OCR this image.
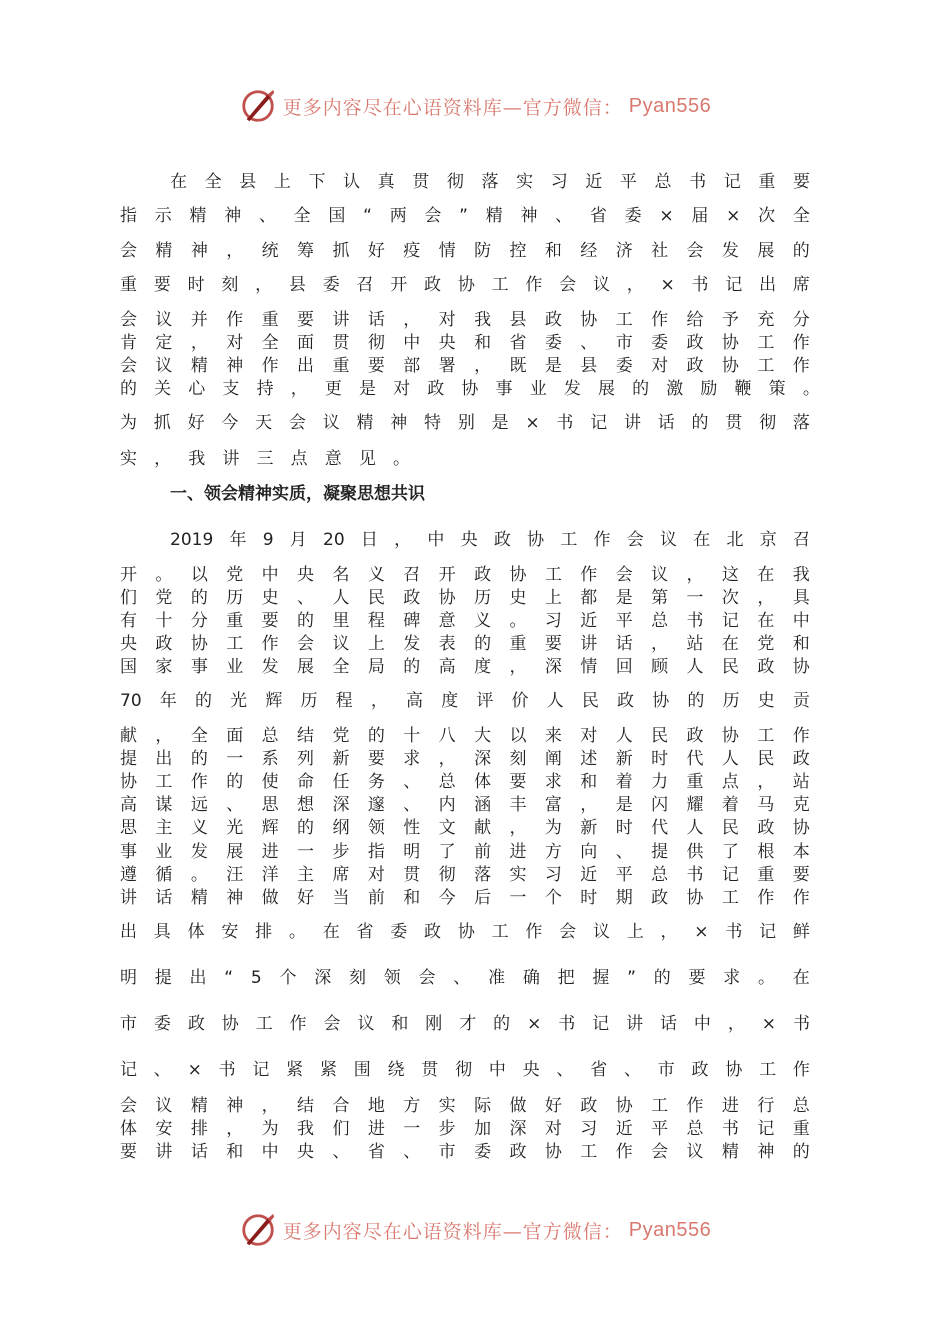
更多内容尽在心语资料库—官方微信： Pyan556
在 全 县 上 下 认 真 贯 彻 落 实 习 近 平 总 书 记 重 要
指 示 精 神 、 全 国 “ 两 会 ” 精 神 、 省 委 × 届 × 次 全
会 精 神 ， 统 筹 抓 好 疫 情 防 控 和 经 济 社 会 发 展 的
重 要 时 刻 ， 县 委 召 开 政 协 工 作 会 议 ， × 书 记 出 席
会 议 并 作 重 要 讲 话 ， 对 我 县 政 协 工 作 给 予 充 分
肯 定 ， 对 全 面 贯 彻 中 央 和 省 委 、 市 委 政 协 工 作
会 议 精 神 作 出 重 要 部 署 ， 既 是 县 委 对 政 协 工 作
的 关 心 支 持 ， 更 是 对 政 协 事 业 发 展 的 激 励 鞭 策 。
为 抓 好 今 天 会 议 精 神 特 别 是 × 书 记 讲 话 的 贯 彻 落
实 ， 我 讲 三 点 意 见 。
一、领会精神实质，凝聚思想共识
2019 年 9 月 20 日 ， 中 央 政 协 工 作 会 议 在 北 京 召
开 。 以 党 中 央 名 义 召 开 政 协 工 作 会 议 ， 这 在 我
们 党 的 历 史 、 人 民 政 协 历 史 上 都 是 第 一 次 ， 具
有 十 分 重 要 的 里 程 碑 意 义 。 习 近 平 总 书 记 在 中
央 政 协 工 作 会 议 上 发 表 的 重 要 讲 话 ， 站 在 党 和
国 家 事 业 发 展 全 局 的 高 度 ， 深 情 回 顾 人 民 政 协
70 年 的 光 辉 历 程 ， 高 度 评 价 人 民 政 协 的 历 史 贡
献 ， 全 面 总 结 党 的 十 八 大 以 来 对 人 民 政 协 工 作
提 出 的 一 系 列 新 要 求 ， 深 刻 阐 述 新 时 代 人 民 政
协 工 作 的 使 命 任 务 、 总 体 要 求 和 着 力 重 点 ， 站
高 谋 远 、 思 想 深 邃 、 内 涵 丰 富 ， 是 闪 耀 着 马 克
思 主 义 光 辉 的 纲 领 性 文 献 ， 为 新 时 代 人 民 政 协
事 业 发 展 进 一 步 指 明 了 前 进 方 向 、 提 供 了 根 本
遵 循 。 汪 洋 主 席 对 贯 彻 落 实 习 近 平 总 书 记 重 要
讲 话 精 神 做 好 当 前 和 今 后 一 个 时 期 政 协 工 作 作
出 具 体 安 排 。 在 省 委 政 协 工 作 会 议 上 ， × 书 记 鲜
明 提 出 “ 5 个 深 刻 领 会 、 准 确 把 握 ” 的 要 求 。 在
市 委 政 协 工 作 会 议 和 刚 才 的 × 书 记 讲 话 中 ， × 书
记 、 × 书 记 紧 紧 围 绕 贯 彻 中 央 、 省 、 市 政 协 工 作
会 议 精 神 ， 结 合 地 方 实 际 做 好 政 协 工 作 进 行 总
体 安 排 ， 为 我 们 进 一 步 加 深 对 习 近 平 总 书 记 重
要 讲 话 和 中 央 、 省 、 市 委 政 协 工 作 会 议 精 神 的
更多内容尽在心语资料库—官方微信： Pyan556
